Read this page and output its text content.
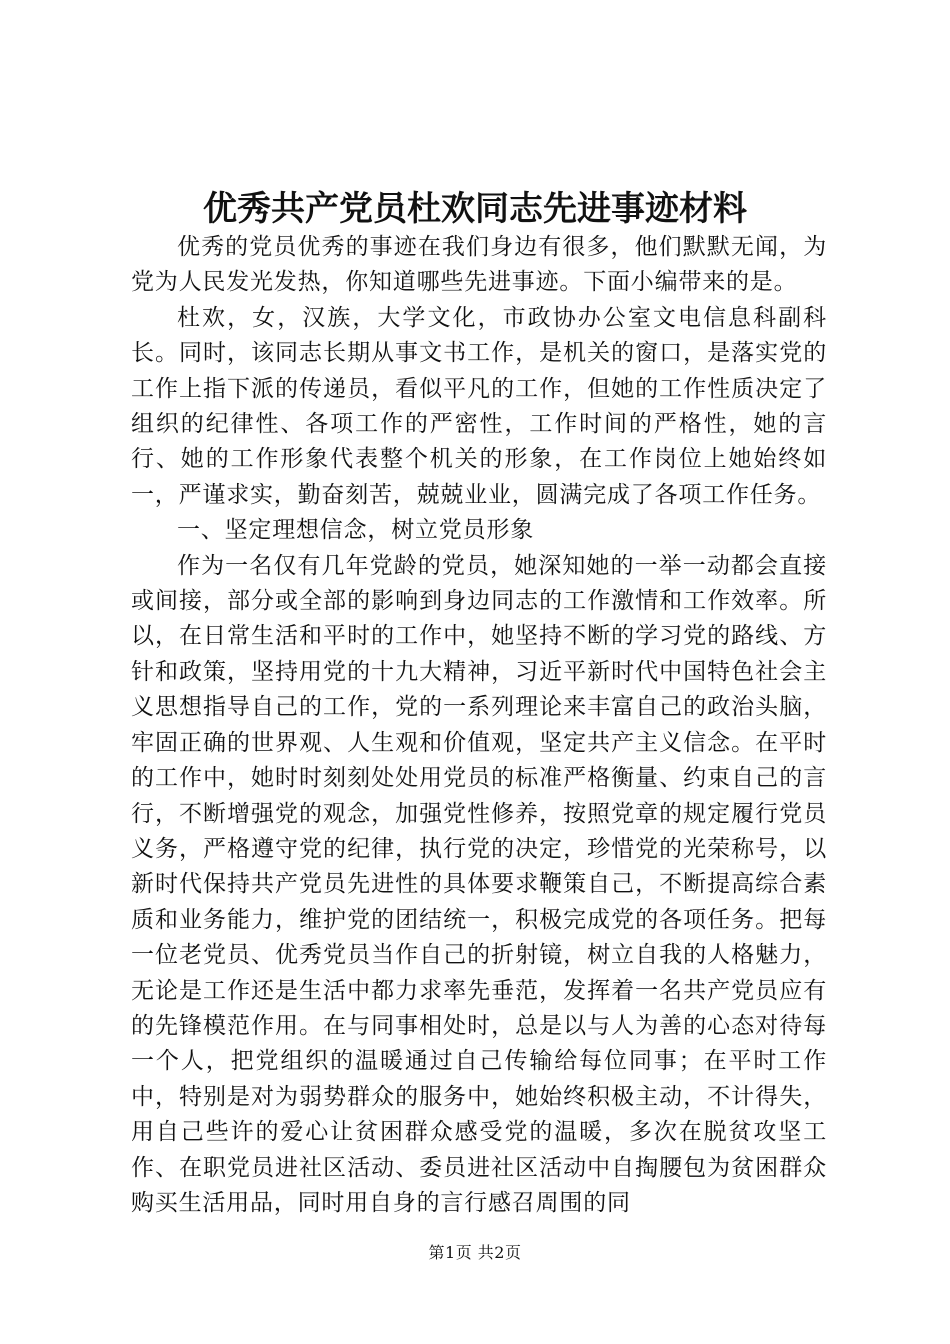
优秀共产党员杜欢同志先进事迹材料

优秀的党员优秀的事迹在我们身边有很多，他们默默无闻，为党为人民发光发热，你知道哪些先进事迹。下面小编带来的是。

杜欢，女，汉族，大学文化，市政协办公室文电信息科副科长。同时，该同志长期从事文书工作，是机关的窗口，是落实党的工作上指下派的传递员，看似平凡的工作，但她的工作性质决定了组织的纪律性、各项工作的严密性，工作时间的严格性，她的言行、她的工作形象代表整个机关的形象，在工作岗位上她始终如一，严谨求实，勤奋刻苦，兢兢业业，圆满完成了各项工作任务。

一、坚定理想信念，树立党员形象

作为一名仅有几年党龄的党员，她深知她的一举一动都会直接或间接，部分或全部的影响到身边同志的工作激情和工作效率。所以，在日常生活和平时的工作中，她坚持不断的学习党的路线、方针和政策，坚持用党的十九大精神，习近平新时代中国特色社会主义思想指导自己的工作，党的一系列理论来丰富自己的政治头脑，牢固正确的世界观、人生观和价值观，坚定共产主义信念。在平时的工作中，她时时刻刻处处用党员的标准严格衡量、约束自己的言行，不断增强党的观念，加强党性修养，按照党章的规定履行党员义务，严格遵守党的纪律，执行党的决定，珍惜党的光荣称号，以新时代保持共产党员先进性的具体要求鞭策自己，不断提高综合素质和业务能力，维护党的团结统一，积极完成党的各项任务。把每一位老党员、优秀党员当作自己的折射镜，树立自我的人格魅力，无论是工作还是生活中都力求率先垂范，发挥着一名共产党员应有的先锋模范作用。在与同事相处时，总是以与人为善的心态对待每一个人，把党组织的温暖通过自己传输给每位同事；在平时工作中，特别是对为弱势群众的服务中，她始终积极主动，不计得失，用自己些许的爱心让贫困群众感受党的温暖，多次在脱贫攻坚工作、在职党员进社区活动、委员进社区活动中自掏腰包为贫困群众购买生活用品，同时用自身的言行感召周围的同

第1页 共2页
